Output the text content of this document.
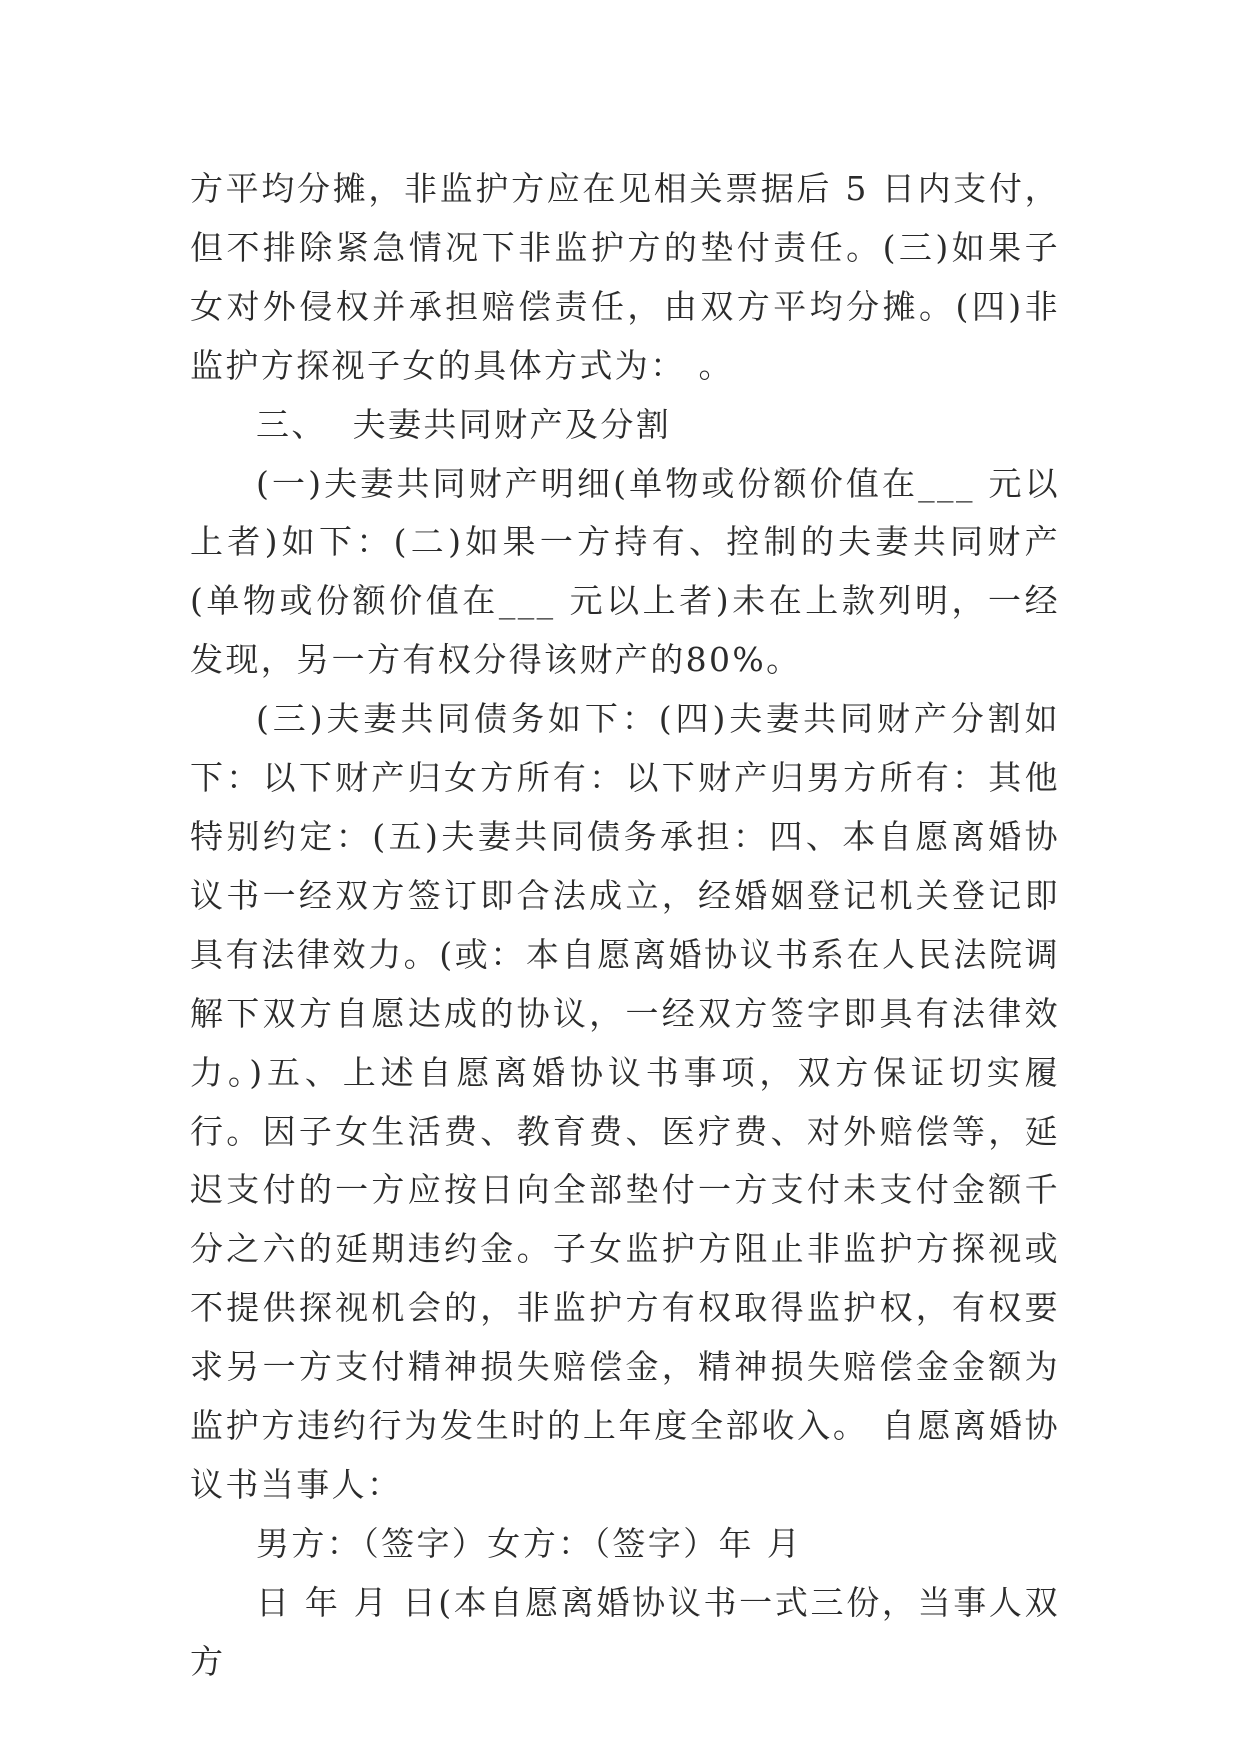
方平均分摊，非监护方应在见相关票据后 5 日内支付，但不排除紧急情况下非监护方的垫付责任。(三)如果子女对外侵权并承担赔偿责任，由双方平均分摊。(四)非监护方探视子女的具体方式为： 。

三、  夫妻共同财产及分割

(一)夫妻共同财产明细(单物或份额价值在___ 元以上者)如下：(二)如果一方持有、控制的夫妻共同财产(单物或份额价值在___ 元以上者)未在上款列明，一经发现，另一方有权分得该财产的80%。

(三)夫妻共同债务如下：(四)夫妻共同财产分割如下：以下财产归女方所有：以下财产归男方所有：其他特别约定：(五)夫妻共同债务承担：四、本自愿离婚协议书一经双方签订即合法成立，经婚姻登记机关登记即具有法律效力。(或：本自愿离婚协议书系在人民法院调解下双方自愿达成的协议，一经双方签字即具有法律效力。)五、上述自愿离婚协议书事项，双方保证切实履行。因子女生活费、教育费、医疗费、对外赔偿等，延迟支付的一方应按日向全部垫付一方支付未支付金额千分之六的延期违约金。子女监护方阻止非监护方探视或不提供探视机会的，非监护方有权取得监护权，有权要求另一方支付精神损失赔偿金，精神损失赔偿金金额为监护方违约行为发生时的上年度全部收入。 自愿离婚协议书当事人：

男方：（签字）女方：（签字）年 月

日 年 月 日(本自愿离婚协议书一式三份，当事人双方
